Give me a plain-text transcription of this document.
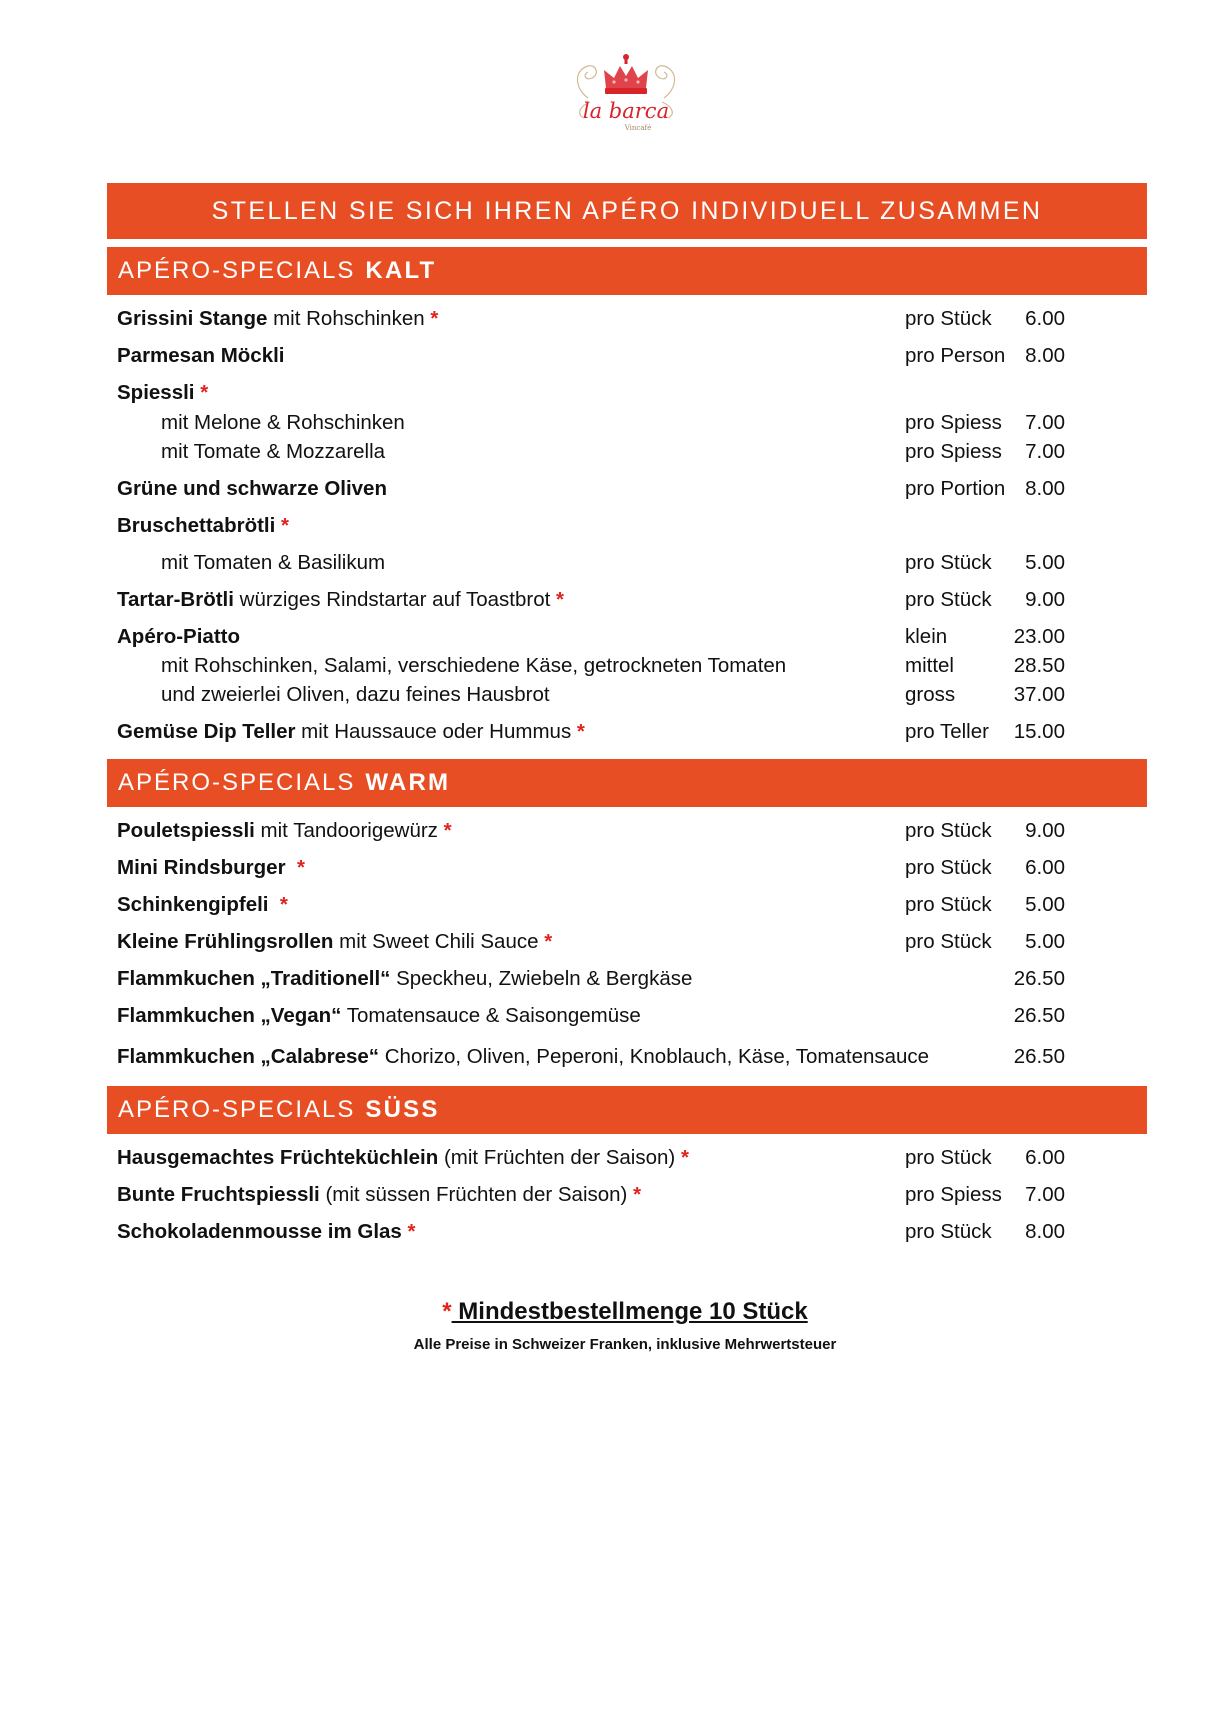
la barca
Vincafé
STELLEN SIE SICH IHREN APÉRO INDIVIDUELL ZUSAMMEN
APÉRO-SPECIALS KALT
Grissini Stange mit Rohschinken *	pro Stück 6.00
Parmesan Möckli	pro Person 8.00
Spiessli *
mit Melone & Rohschinken	pro Spiess 7.00
mit Tomate & Mozzarella	pro Spiess 7.00
Grüne und schwarze Oliven	pro Portion 8.00
Bruschettabrötli *
mit Tomaten & Basilikum	pro Stück 5.00
Tartar-Brötli würziges Rindstartar auf Toastbrot *	pro Stück 9.00
Apéro-Piatto	klein	23.00
mit Rohschinken, Salami, verschiedene Käse, getrockneten Tomaten	mittel	28.50
und zweierlei Oliven, dazu feines Hausbrot	gross	37.00
Gemüse Dip Teller mit Haussauce oder Hummus *	pro Teller 15.00
APÉRO-SPECIALS WARM
Pouletspiessli mit Tandoorigewürz *	pro Stück 9.00
Mini Rindsburger  *	pro Stück 6.00
Schinkengipfeli  *	pro Stück 5.00
Kleine Frühlingsrollen mit Sweet Chili Sauce *	pro Stück 5.00
Flammkuchen „Traditionell“ Speckheu, Zwiebeln & Bergkäse	26.50
Flammkuchen „Vegan“ Tomatensauce & Saisongemüse	26.50
Flammkuchen „Calabrese“ Chorizo, Oliven, Peperoni, Knoblauch, Käse, Tomatensauce	26.50
APÉRO-SPECIALS SÜSS
Hausgemachtes Früchteküchlein (mit Früchten der Saison) *	pro Stück 6.00
Bunte Fruchtspiessli (mit süssen Früchten der Saison) *	pro Spiess 7.00
Schokoladenmousse im Glas *	pro Stück 8.00
* Mindestbestellmenge 10 Stück
Alle Preise in Schweizer Franken, inklusive Mehrwertsteuer
